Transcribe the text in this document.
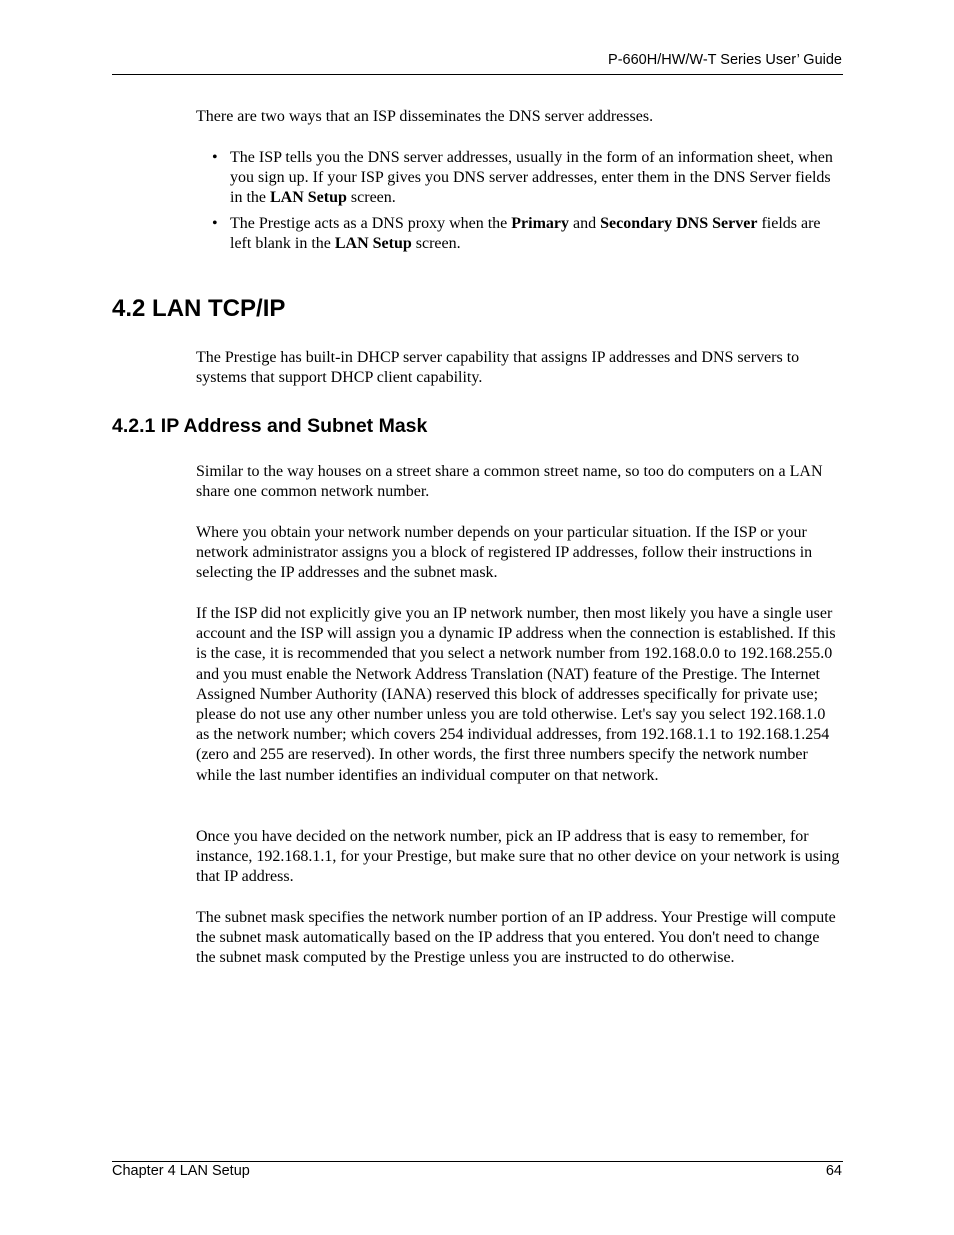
P-660H/HW/W-T Series User’ Guide

There are two ways that an ISP disseminates the DNS server addresses.

• The ISP tells you the DNS server addresses, usually in the form of an information sheet, when you sign up. If your ISP gives you DNS server addresses, enter them in the DNS Server fields in the LAN Setup screen.
• The Prestige acts as a DNS proxy when the Primary and Secondary DNS Server fields are left blank in the LAN Setup screen.
4.2 LAN TCP/IP

The Prestige has built-in DHCP server capability that assigns IP addresses and DNS servers to systems that support DHCP client capability.

4.2.1 IP Address and Subnet Mask

Similar to the way houses on a street share a common street name, so too do computers on a LAN share one common network number.

Where you obtain your network number depends on your particular situation. If the ISP or your network administrator assigns you a block of registered IP addresses, follow their instructions in selecting the IP addresses and the subnet mask.

If the ISP did not explicitly give you an IP network number, then most likely you have a single user account and the ISP will assign you a dynamic IP address when the connection is established. If this is the case, it is recommended that you select a network number from 192.168.0.0 to 192.168.255.0 and you must enable the Network Address Translation (NAT) feature of the Prestige. The Internet Assigned Number Authority (IANA) reserved this block of addresses specifically for private use; please do not use any other number unless you are told otherwise. Let's say you select 192.168.1.0 as the network number; which covers 254 individual addresses, from 192.168.1.1 to 192.168.1.254 (zero and 255 are reserved). In other words, the first three numbers specify the network number while the last number identifies an individual computer on that network.

Once you have decided on the network number, pick an IP address that is easy to remember, for instance, 192.168.1.1, for your Prestige, but make sure that no other device on your network is using that IP address.

The subnet mask specifies the network number portion of an IP address. Your Prestige will compute the subnet mask automatically based on the IP address that you entered. You don't need to change the subnet mask computed by the Prestige unless you are instructed to do otherwise.

Chapter 4 LAN Setup	64
